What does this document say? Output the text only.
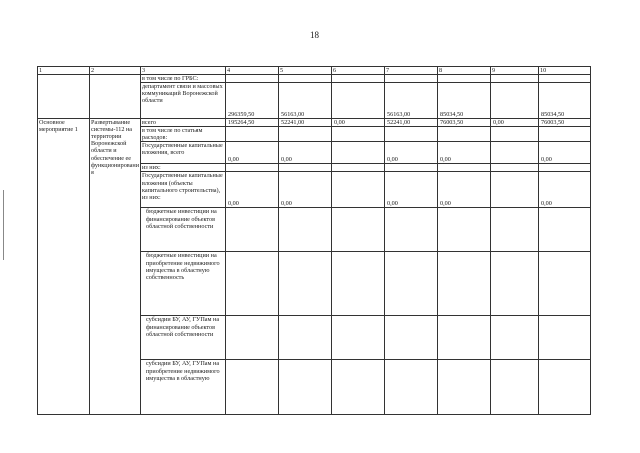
18
1	2	3	4	5	6	7	8	9	10
		в том числе по ГРБС:							
		департамент связи и массовых коммуникаций Воронежской области	296359,50	56163,00		56163,00	85034,50		85034,50
Основное мероприятие 1	Развертывание системы-112 на территории Воронежской области и обеспечение ее функционирования	всего	195264,50	52241,00	0,00	52241,00	76003,50	0,00	76003,50
		в том числе по статьям расходов:							
		Государственные капитальные вложения, всего	0,00	0,00		0,00	0,00		0,00
		из них:							
		Государственные капитальные вложения (объекты капитального строительства), из них:	0,00	0,00		0,00	0,00		0,00
		бюджетные инвестиции на финансирование объектов областной собственности							
		бюджетные инвестиции на приобретение недвижимого имущества в областную собственность							
		субсидии БУ, АУ, ГУПам на финансирование объектов областной собственности							
		субсидии БУ, АУ, ГУПам на приобретение недвижимого имущества в областную							
